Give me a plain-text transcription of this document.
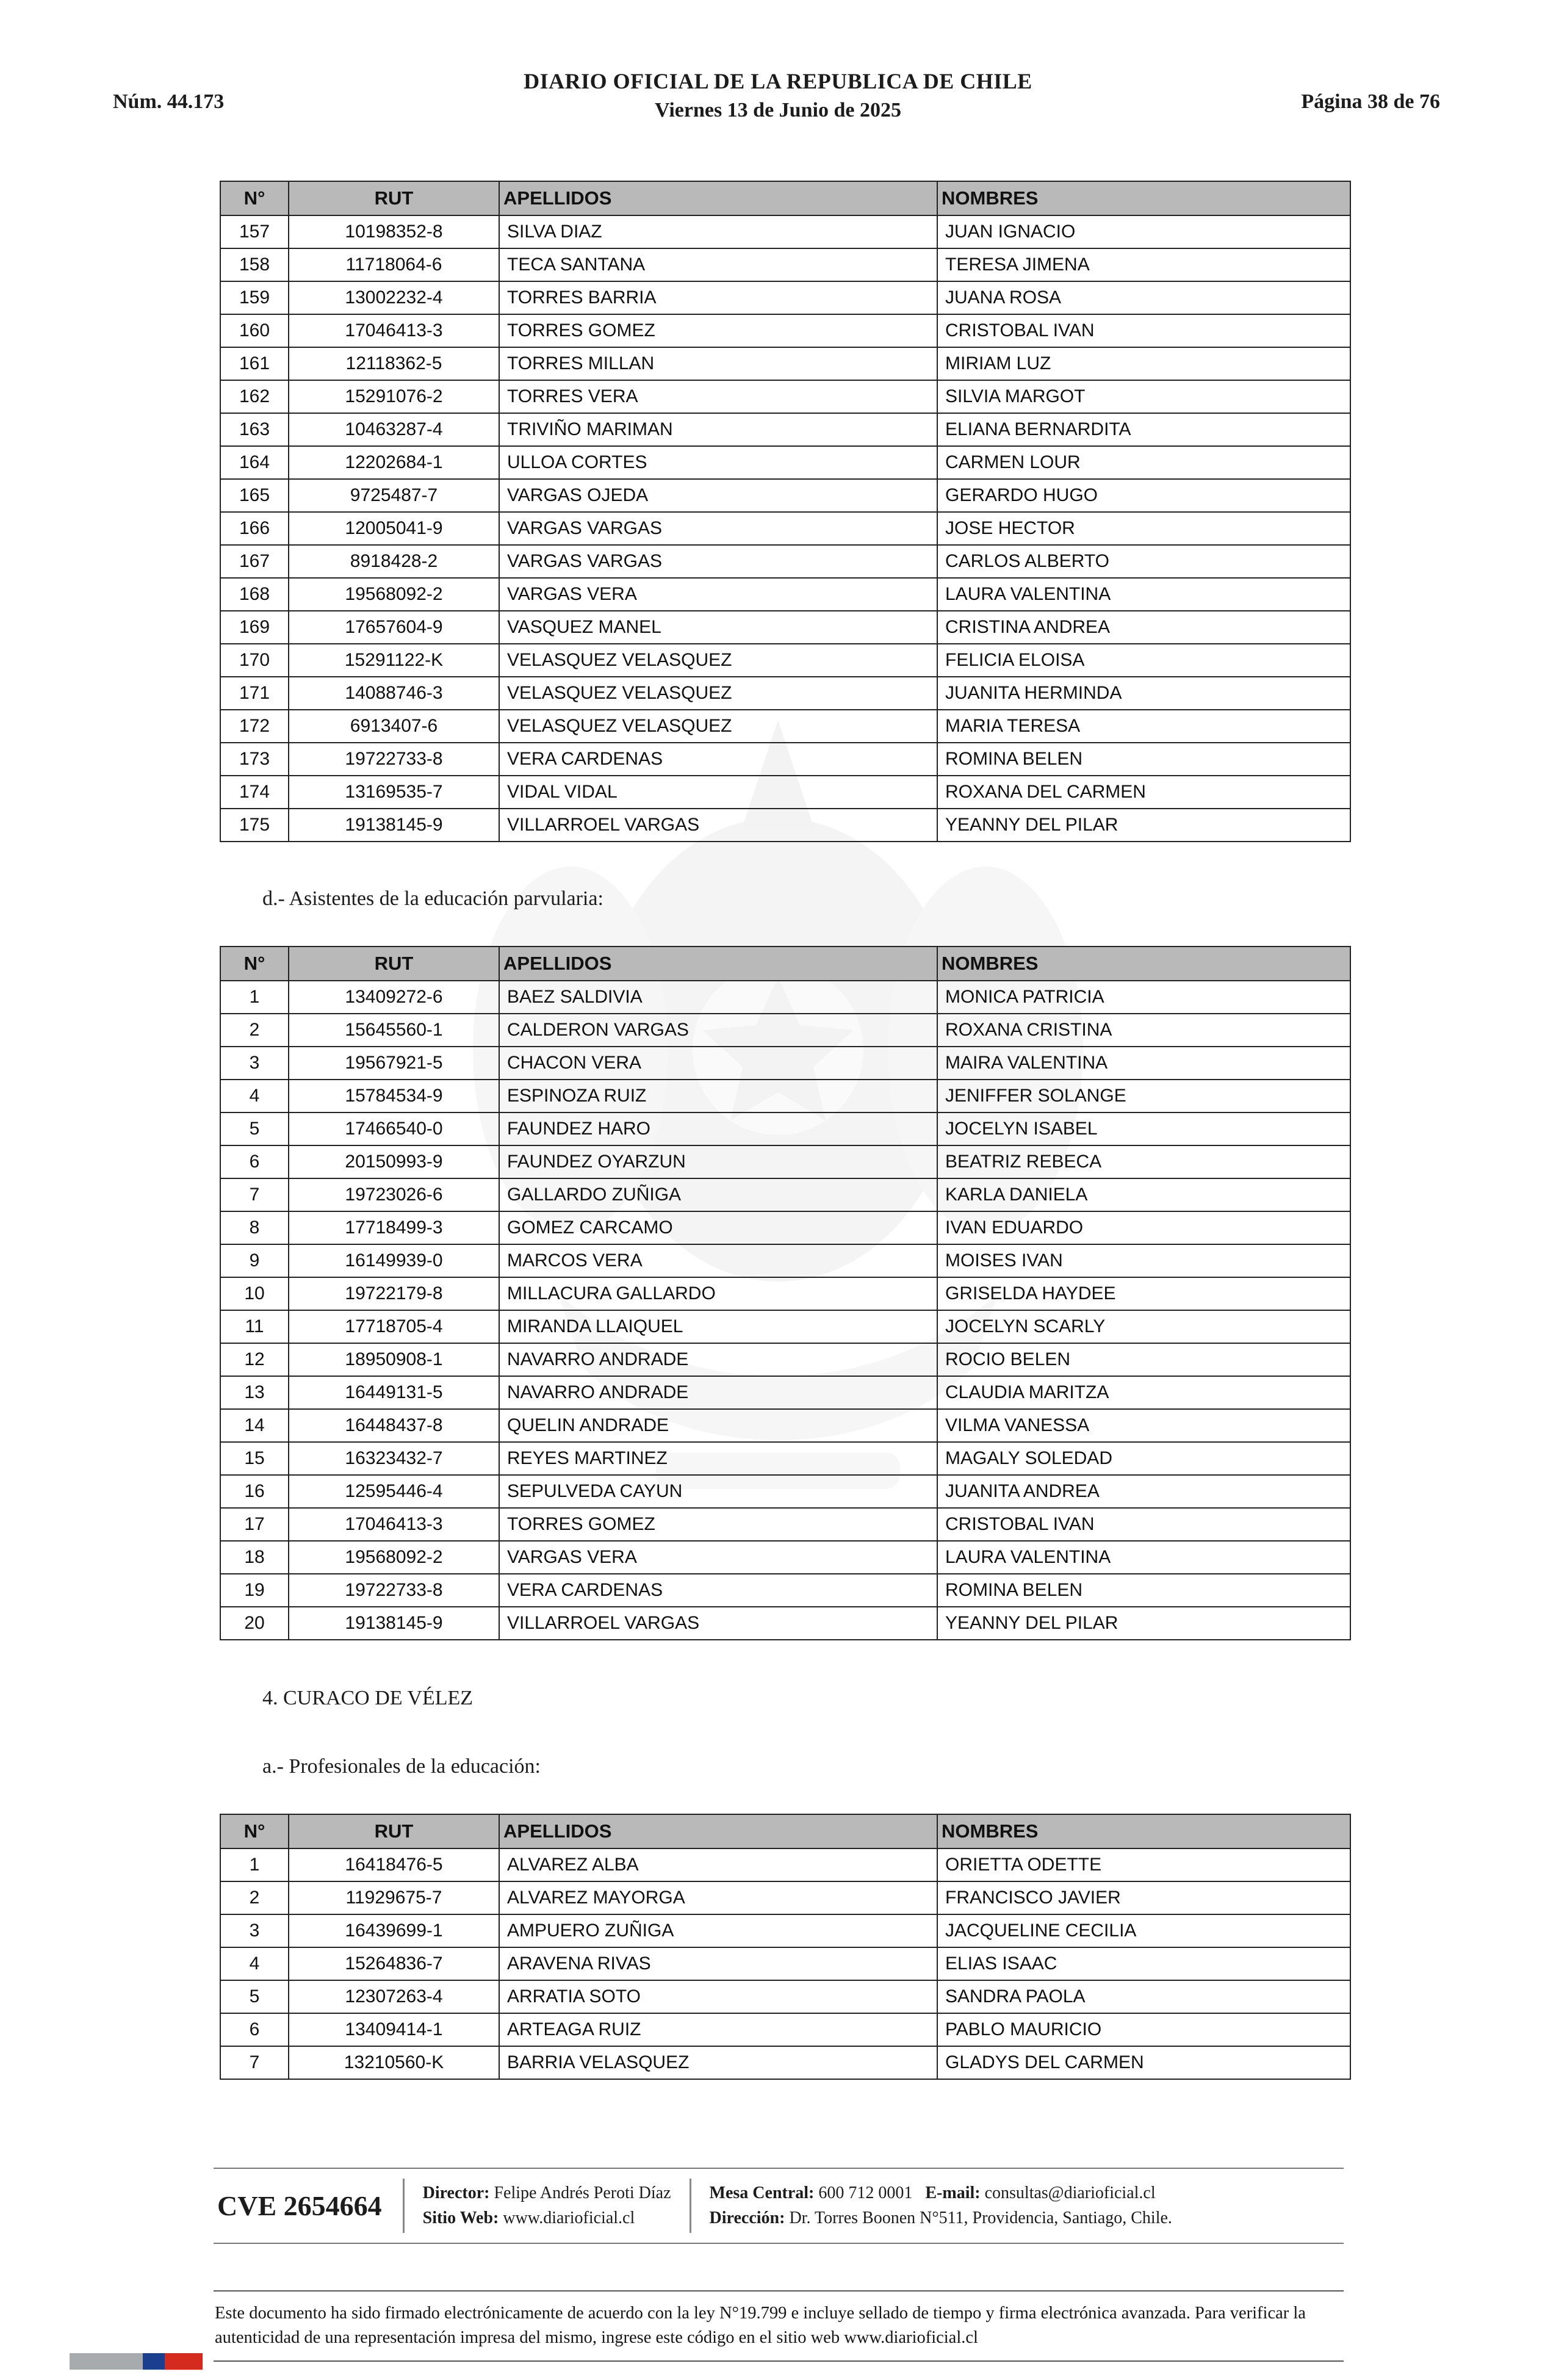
Núm. 44.173
DIARIO OFICIAL DE LA REPUBLICA DE CHILE
Viernes 13 de Junio de 2025	Página 38 de 76
N°	RUT	APELLIDOS	NOMBRES
157	10198352-8	SILVA DIAZ	JUAN IGNACIO
158	11718064-6	TECA SANTANA	TERESA JIMENA
159	13002232-4	TORRES BARRIA	JUANA ROSA
160	17046413-3	TORRES GOMEZ	CRISTOBAL IVAN
161	12118362-5	TORRES MILLAN	MIRIAM LUZ
162	15291076-2	TORRES VERA	SILVIA MARGOT
163	10463287-4	TRIVIÑO MARIMAN	ELIANA BERNARDITA
164	12202684-1	ULLOA CORTES	CARMEN LOUR
165	9725487-7	VARGAS OJEDA	GERARDO HUGO
166	12005041-9	VARGAS VARGAS	JOSE HECTOR
167	8918428-2	VARGAS VARGAS	CARLOS ALBERTO
168	19568092-2	VARGAS VERA	LAURA VALENTINA
169	17657604-9	VASQUEZ MANEL	CRISTINA ANDREA
170	15291122-K	VELASQUEZ VELASQUEZ	FELICIA ELOISA
171	14088746-3	VELASQUEZ VELASQUEZ	JUANITA HERMINDA
172	6913407-6	VELASQUEZ VELASQUEZ	MARIA TERESA
173	19722733-8	VERA CARDENAS	ROMINA BELEN
174	13169535-7	VIDAL VIDAL	ROXANA DEL CARMEN
175	19138145-9	VILLARROEL VARGAS	YEANNY DEL PILAR
d.- Asistentes de la educación parvularia:
N°	RUT	APELLIDOS	NOMBRES
1	13409272-6	BAEZ SALDIVIA	MONICA PATRICIA
2	15645560-1	CALDERON VARGAS	ROXANA CRISTINA
3	19567921-5	CHACON VERA	MAIRA VALENTINA
4	15784534-9	ESPINOZA RUIZ	JENIFFER SOLANGE
5	17466540-0	FAUNDEZ HARO	JOCELYN ISABEL
6	20150993-9	FAUNDEZ OYARZUN	BEATRIZ REBECA
7	19723026-6	GALLARDO ZUÑIGA	KARLA DANIELA
8	17718499-3	GOMEZ CARCAMO	IVAN EDUARDO
9	16149939-0	MARCOS VERA	MOISES IVAN
10	19722179-8	MILLACURA GALLARDO	GRISELDA HAYDEE
11	17718705-4	MIRANDA LLAIQUEL	JOCELYN SCARLY
12	18950908-1	NAVARRO ANDRADE	ROCIO BELEN
13	16449131-5	NAVARRO ANDRADE	CLAUDIA MARITZA
14	16448437-8	QUELIN ANDRADE	VILMA VANESSA
15	16323432-7	REYES MARTINEZ	MAGALY SOLEDAD
16	12595446-4	SEPULVEDA CAYUN	JUANITA ANDREA
17	17046413-3	TORRES GOMEZ	CRISTOBAL IVAN
18	19568092-2	VARGAS VERA	LAURA VALENTINA
19	19722733-8	VERA CARDENAS	ROMINA BELEN
20	19138145-9	VILLARROEL VARGAS	YEANNY DEL PILAR
4. CURACO DE VÉLEZ
a.- Profesionales de la educación:
N°	RUT	APELLIDOS	NOMBRES
1	16418476-5	ALVAREZ ALBA	ORIETTA ODETTE
2	11929675-7	ALVAREZ MAYORGA	FRANCISCO JAVIER
3	16439699-1	AMPUERO ZUÑIGA	JACQUELINE CECILIA
4	15264836-7	ARAVENA RIVAS	ELIAS ISAAC
5	12307263-4	ARRATIA SOTO	SANDRA PAOLA
6	13409414-1	ARTEAGA RUIZ	PABLO MAURICIO
7	13210560-K	BARRIA VELASQUEZ	GLADYS DEL CARMEN
CVE 2654664	Director: Felipe Andrés Peroti Díaz
Sitio Web: www.diarioficial.cl
Mesa Central: 600 712 0001 E-mail: consultas@diarioficial.cl
Dirección: Dr. Torres Boonen N°511, Providencia, Santiago, Chile.
Este documento ha sido firmado electrónicamente de acuerdo con la ley N°19.799 e incluye sellado de tiempo y firma electrónica avanzada. Para verificar la autenticidad de una representación impresa del mismo, ingrese este código en el sitio web www.diarioficial.cl
